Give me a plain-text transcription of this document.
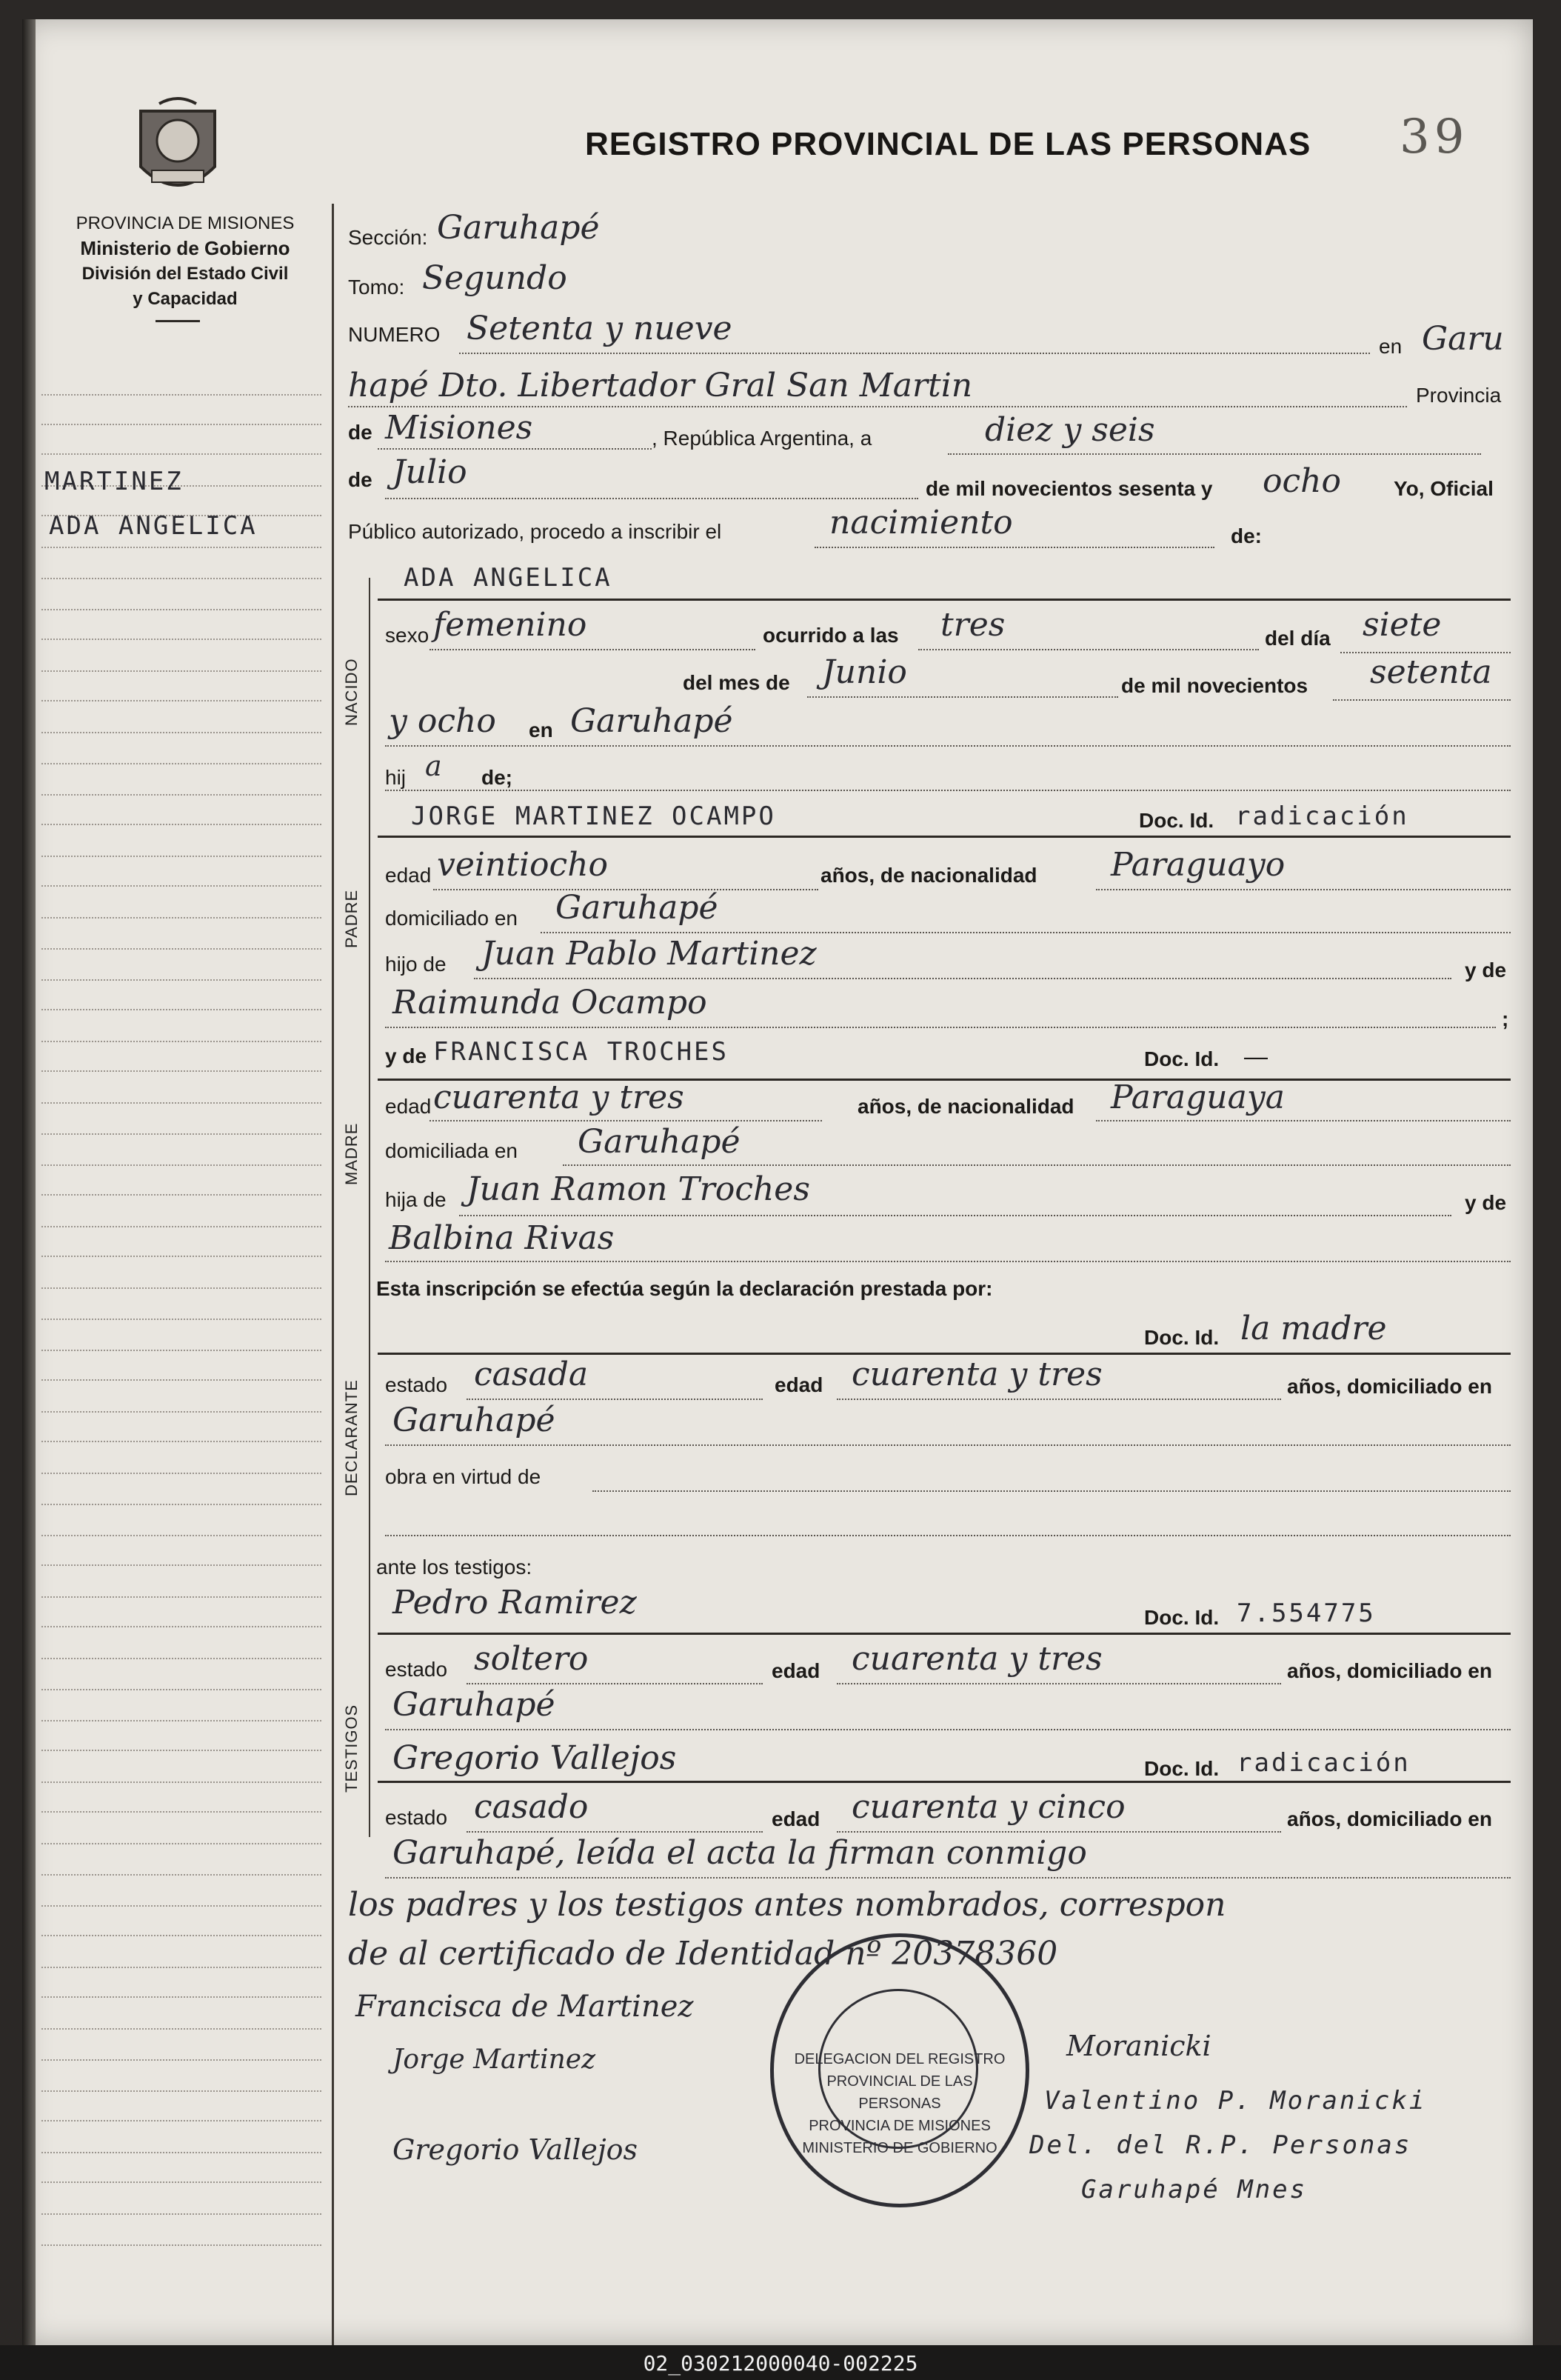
PROVINCIA DE MISIONES
Ministerio de Gobierno
División del Estado Civil
y Capacidad
REGISTRO PROVINCIAL DE LAS PERSONAS 39
MARTINEZ
ADA ANGELICA
Sección: Garuhapé
Tomo: Segundo
NUMERO Setenta y nueve	en Garu
hapé Dto. Libertador Gral San Martin	Provincia
de Misiones	, República Argentina, a	diez y seis
de Julio	de mil novecientos sesenta y ocho	Yo, Oficial
Público autorizado, procedo a inscribir el	nacimiento	de:
NACIDO
ADA ANGELICA
sexo femenino	ocurrido a las tres	del día siete
del mes de Junio	de mil novecientos setenta
y ocho en Garuhapé
hij a de;
PADRE
JORGE MARTINEZ OCAMPO	Doc. Id. radicación
edad veintiocho	años, de nacionalidad Paraguayo
domiciliado en Garuhapé
hijo de Juan Pablo Martinez	y de
Raimunda Ocampo	;
MADRE
y de FRANCISCA TROCHES	Doc. Id. —
edad cuarenta y tres	años, de nacionalidad Paraguaya
domiciliada en Garuhapé
hija de Juan Ramon Troches	y de
Balbina Rivas
Esta inscripción se efectúa según la declaración prestada por:
DECLARANTE
Doc. Id. la madre
estado casada	edad cuarenta y tres	años, domiciliado en
Garuhapé
obra en virtud de
ante los testigos:
TESTIGOS
Pedro Ramirez	Doc. Id. 7.554775
estado soltero	edad cuarenta y tres	años, domiciliado en
Garuhapé
Gregorio Vallejos	Doc. Id. radicación
estado casado	edad cuarenta y cinco	años, domiciliado en
Garuhapé, leída el acta la firman conmigo
los padres y los testigos antes nombrados, correspon
de al certificado de Identidad nº 20378360
DELEGACION DEL REGISTRO PROVINCIAL DE LAS PERSONAS
PROVINCIA DE MISIONES
MINISTERIO DE GOBIERNO
Francisca de Martinez
Jorge Martinez
Gregorio Vallejos
Moranicki
Valentino P. Moranicki
Del. del R.P. Personas
Garuhapé Mnes
02_030212000040-002225
